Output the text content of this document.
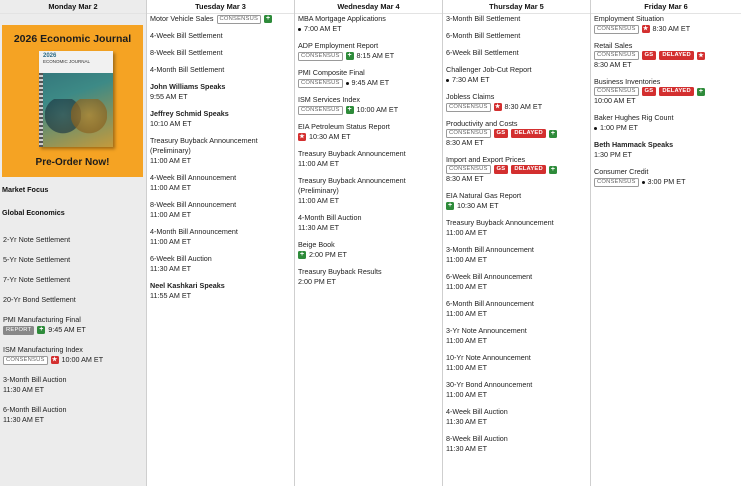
Monday Mar 2
2026 Economic Journal
2026
ECONOMIC JOURNAL
Pre-Order Now!
Market Focus
Global Economics
2-Yr Note Settlement
5-Yr Note Settlement
7-Yr Note Settlement
20-Yr Bond Settlement
PMI Manufacturing Final
REPORT	+ 9:45 AM ET
ISM Manufacturing Index
CONSENSUS	★ 10:00 AM ET
3-Month Bill Auction
11:30 AM ET
6-Month Bill Auction
11:30 AM ET
Tuesday Mar 3
Motor Vehicle Sales	CONSENSUS	+
4-Week Bill Settlement
8-Week Bill Settlement
4-Month Bill Settlement
John Williams Speaks
9:55 AM ET
Jeffrey Schmid Speaks
10:10 AM ET
Treasury Buyback Announcement (Preliminary)
11:00 AM ET
4-Week Bill Announcement
11:00 AM ET
8-Week Bill Announcement
11:00 AM ET
4-Month Bill Announcement
11:00 AM ET
6-Week Bill Auction
11:30 AM ET
Neel Kashkari Speaks
11:55 AM ET
Wednesday Mar 4
MBA Mortgage Applications
7:00 AM ET
ADP Employment Report
CONSENSUS	+ 8:15 AM ET
PMI Composite Final
CONSENSUS	9:45 AM ET
ISM Services Index
CONSENSUS	+ 10:00 AM ET
EIA Petroleum Status Report
★ 10:30 AM ET
Treasury Buyback Announcement
11:00 AM ET
Treasury Buyback Announcement (Preliminary)
11:00 AM ET
4-Month Bill Auction
11:30 AM ET
Beige Book
+ 2:00 PM ET
Treasury Buyback Results
2:00 PM ET
Thursday Mar 5
3-Month Bill Settlement
6-Month Bill Settlement
6-Week Bill Settlement
Challenger Job-Cut Report
7:30 AM ET
Jobless Claims
CONSENSUS	★ 8:30 AM ET
Productivity and Costs
CONSENSUS	GS	DELAYED	+
8:30 AM ET
Import and Export Prices
CONSENSUS	GS	DELAYED	+
8:30 AM ET
EIA Natural Gas Report
+ 10:30 AM ET
Treasury Buyback Announcement
11:00 AM ET
3-Month Bill Announcement
11:00 AM ET
6-Week Bill Announcement
11:00 AM ET
6-Month Bill Announcement
11:00 AM ET
3-Yr Note Announcement
11:00 AM ET
10-Yr Note Announcement
11:00 AM ET
30-Yr Bond Announcement
11:00 AM ET
4-Week Bill Auction
11:30 AM ET
8-Week Bill Auction
11:30 AM ET
Friday Mar 6
Employment Situation
CONSENSUS	★ 8:30 AM ET
Retail Sales
CONSENSUS	GS	DELAYED	★
8:30 AM ET
Business Inventories
CONSENSUS	GS	DELAYED	+
10:00 AM ET
Baker Hughes Rig Count
1:00 PM ET
Beth Hammack Speaks
1:30 PM ET
Consumer Credit
CONSENSUS	3:00 PM ET
